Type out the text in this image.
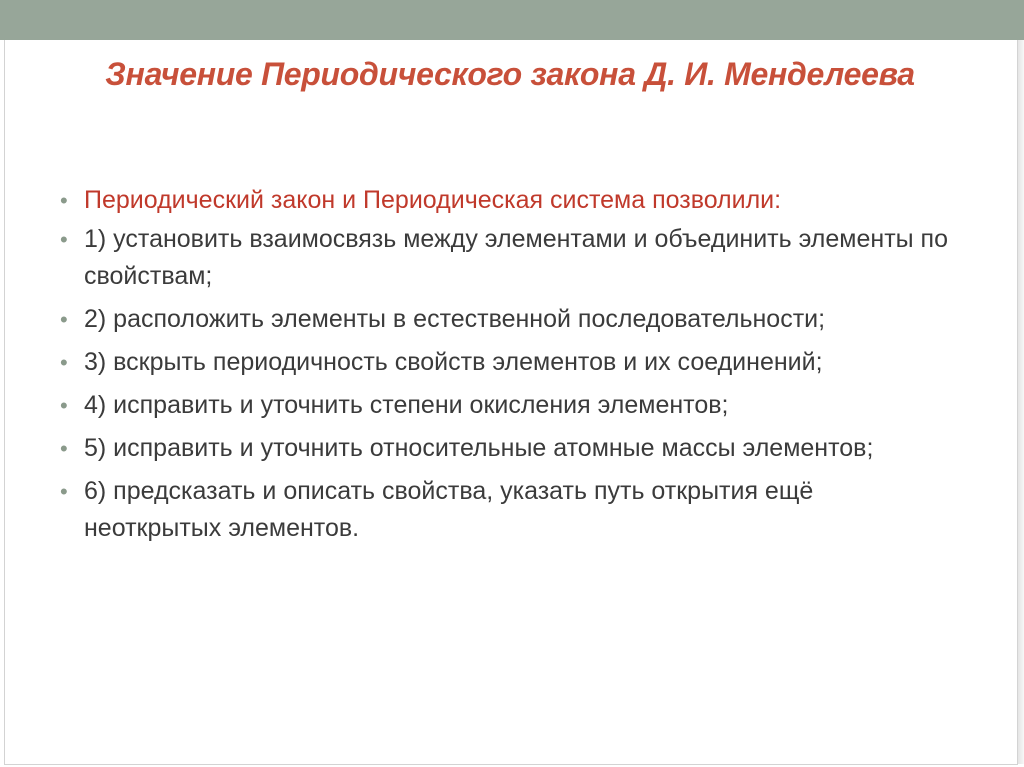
Значение Периодического закона Д. И. Менделеева
• Периодический закон и Периодическая система позволили:
• 1) установить взаимосвязь между элементами и объединить элементы по свойствам;
• 2) расположить элементы в естественной последовательности;
• 3) вскрыть периодичность свойств элементов и их соединений;
• 4) исправить и уточнить степени окисления элементов;
• 5) исправить и уточнить относительные атомные массы элементов;
• 6) предсказать и описать свойства, указать путь открытия ещё неоткрытых элементов.
